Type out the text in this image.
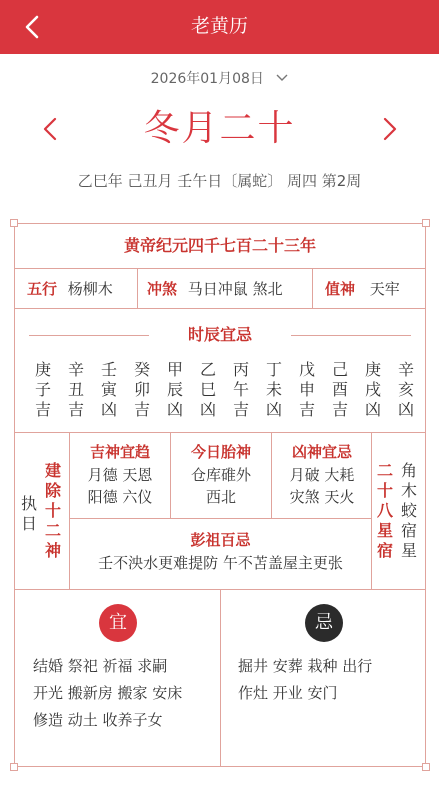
老黄历
2026年01月08日
冬月二十
乙巳年 己丑月 壬午日〔属蛇〕 周四 第2周
黄帝纪元四千七百二十三年
五行 杨柳木 冲煞 马日冲鼠 煞北	值神 天牢
时辰宜忌
庚
子
吉
辛
丑
吉
壬
寅
凶
癸
卯
吉
甲
辰
凶
乙
巳
凶
丙
午
吉
丁
未
凶
戊
申
吉
己
酉
吉
庚
戌
凶
辛
亥
凶
执
日
建
除
十
二
神
吉神宜趋
月德 天恩
阳德 六仪
今日胎神
仓库碓外
西北
凶神宜忌
月破 大耗
灾煞 天火
二
十
八
星
宿
角
木
蛟
宿
星
彭祖百忌
壬不泱水更难提防 午不苫盖屋主更张
宜
结婚 祭祀 祈福 求嗣
开光 搬新房 搬家 安床
修造 动土 收养子女
忌
掘井 安葬 栽种 出行
作灶 开业 安门
